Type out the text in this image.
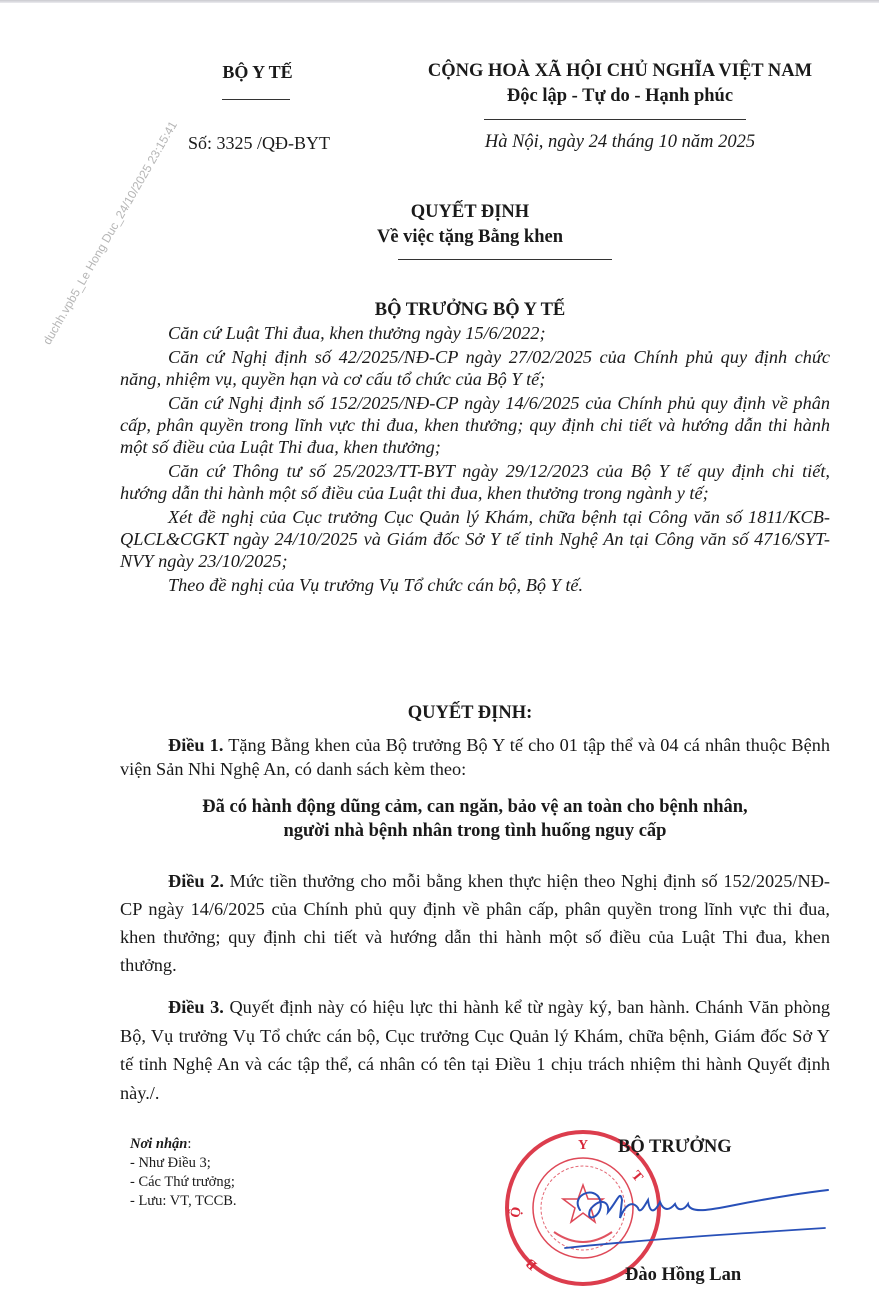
duchh.vpb5_Le Hong Duc_24/10/2025 23:15:41
BỘ Y TẾ
Số: 3325 /QĐ-BYT
CỘNG HOÀ XÃ HỘI CHỦ NGHĨA VIỆT NAM
Độc lập - Tự do - Hạnh phúc
Hà Nội, ngày 24 tháng 10 năm 2025
QUYẾT ĐỊNH
Về việc tặng Bằng khen
BỘ TRƯỞNG BỘ Y TẾ

Căn cứ Luật Thi đua, khen thưởng ngày 15/6/2022;

Căn cứ Nghị định số 42/2025/NĐ-CP ngày 27/02/2025 của Chính phủ quy định chức năng, nhiệm vụ, quyền hạn và cơ cấu tổ chức của Bộ Y tế;

Căn cứ Nghị định số 152/2025/NĐ-CP ngày 14/6/2025 của Chính phủ quy định về phân cấp, phân quyền trong lĩnh vực thi đua, khen thưởng; quy định chi tiết và hướng dẫn thi hành một số điều của Luật Thi đua, khen thưởng;

Căn cứ Thông tư số 25/2023/TT-BYT ngày 29/12/2023 của Bộ Y tế quy định chi tiết, hướng dẫn thi hành một số điều của Luật thi đua, khen thưởng trong ngành y tế;

Xét đề nghị của Cục trưởng Cục Quản lý Khám, chữa bệnh tại Công văn số 1811/KCB-QLCL&CGKT ngày 24/10/2025 và Giám đốc Sở Y tế tỉnh Nghệ An tại Công văn số 4716/SYT-NVY ngày 23/10/2025;

Theo đề nghị của Vụ trưởng Vụ Tổ chức cán bộ, Bộ Y tế.

QUYẾT ĐỊNH:

Điều 1. Tặng Bằng khen của Bộ trưởng Bộ Y tế cho 01 tập thể và 04 cá nhân thuộc Bệnh viện Sản Nhi Nghệ An, có danh sách kèm theo:

Đã có hành động dũng cảm, can ngăn, bảo vệ an toàn cho bệnh nhân,
người nhà bệnh nhân trong tình huống nguy cấp

Điều 2. Mức tiền thưởng cho mỗi bằng khen thực hiện theo Nghị định số 152/2025/NĐ-CP ngày 14/6/2025 của Chính phủ quy định về phân cấp, phân quyền trong lĩnh vực thi đua, khen thưởng; quy định chi tiết và hướng dẫn thi hành một số điều của Luật Thi đua, khen thưởng.

Điều 3. Quyết định này có hiệu lực thi hành kể từ ngày ký, ban hành. Chánh Văn phòng Bộ, Vụ trưởng Vụ Tổ chức cán bộ, Cục trưởng Cục Quản lý Khám, chữa bệnh, Giám đốc Sở Y tế tỉnh Nghệ An và các tập thể, cá nhân có tên tại Điều 1 chịu trách nhiệm thi hành Quyết định này./.

Nơi nhận:
- Như Điều 3;
- Các Thứ trưởng;
- Lưu: VT, TCCB.
Y
Ộ
T
B
BỘ TRƯỞNG
Đào Hồng Lan
